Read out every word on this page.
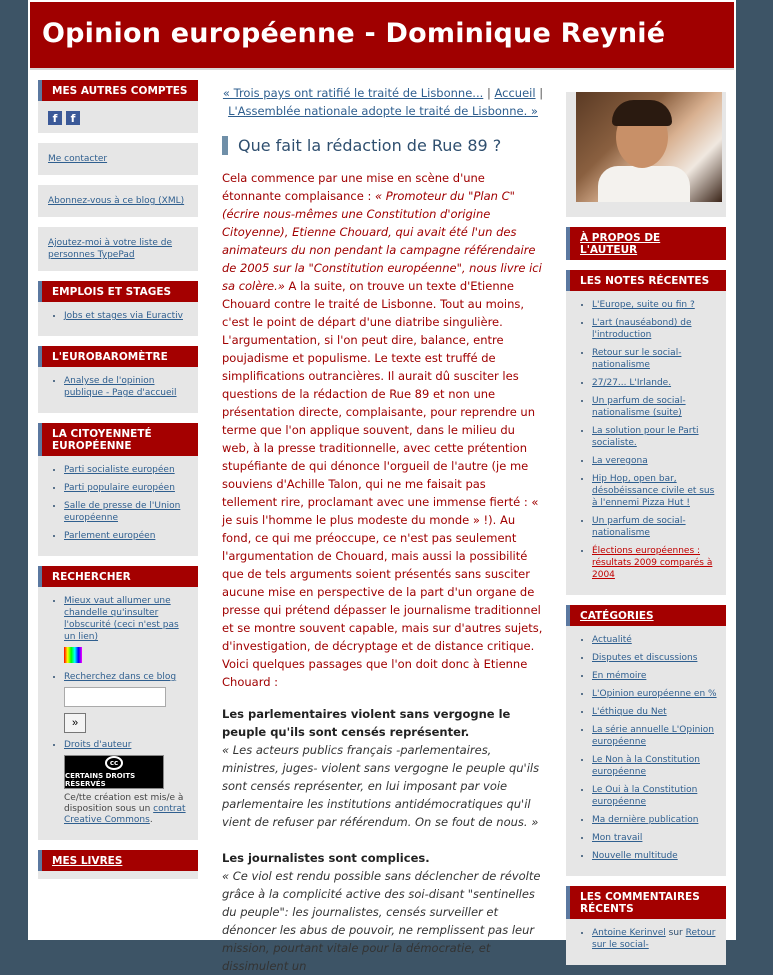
Opinion européenne - Dominique Reynié
MES AUTRES COMPTES
f	f
Me contacter
Abonnez-vous à ce blog (XML)
Ajoutez-moi à votre liste de personnes TypePad
EMPLOIS ET STAGES
• Jobs et stages via Euractiv
L'EUROBAROMÈTRE
• Analyse de l'opinion publique - Page d'accueil
LA CITOYENNETÉ EUROPÉENNE
• Parti socialiste européen
• Parti populaire européen
• Salle de presse de l'Union européenne
• Parlement européen
RECHERCHER
• Mieux vaut allumer une chandelle qu'insulter l'obscurité (ceci n'est pas un lien)
• Recherchez dans ce blog
»
• Droits d'auteur
cc
CERTAINS DROITS RÉSERVÉS
Ce/tte création est mis/e à disposition sous un contrat Creative Commons.
MES LIVRES
« Trois pays ont ratifié le traité de Lisbonne... | Accueil | L'Assemblée nationale adopte le traité de Lisbonne. »
Que fait la rédaction de Rue 89 ?
Cela commence par une mise en scène d'une étonnante complaisance : « Promoteur du "Plan C" (écrire nous-mêmes une Constitution d'origine Citoyenne), Etienne Chouard, qui avait été l'un des animateurs du non pendant la campagne référendaire de 2005 sur la "Constitution européenne", nous livre ici sa colère.» A la suite, on trouve un texte d'Etienne Chouard contre le traité de Lisbonne. Tout au moins, c'est le point de départ d'une diatribe singulière. L'argumentation, si l'on peut dire, balance, entre poujadisme et populisme. Le texte est truffé de simplifications outrancières. Il aurait dû susciter les questions de la rédaction de Rue 89 et non une présentation directe, complaisante, pour reprendre un terme que l'on applique souvent, dans le milieu du web, à la presse traditionnelle, avec cette prétention stupéfiante de qui dénonce l'orgueil de l'autre (je me souviens d'Achille Talon, qui ne me faisait pas tellement rire, proclamant avec une immense fierté : « je suis l'homme le plus modeste du monde » !). Au fond, ce qui me préoccupe, ce n'est pas seulement l'argumentation de Chouard, mais aussi la possibilité que de tels arguments soient présentés sans susciter aucune mise en perspective de la part d'un organe de presse qui prétend dépasser le journalisme traditionnel et se montre souvent capable, mais sur d'autres sujets, d'investigation, de décryptage et de distance critique. Voici quelques passages que l'on doit donc à Etienne Chouard :
Les parlementaires violent sans vergogne le peuple qu'ils sont censés représenter.
« Les acteurs publics français -parlementaires, ministres, juges- violent sans vergogne le peuple qu'ils sont censés représenter, en lui imposant par voie parlementaire les institutions antidémocratiques qu'il vient de refuser par référendum. On se fout de nous. »
Les journalistes sont complices.
« Ce viol est rendu possible sans déclencher de révolte grâce à la complicité active des soi-disant "sentinelles du peuple": les journalistes, censés surveiller et dénoncer les abus de pouvoir, ne remplissent pas leur mission, pourtant vitale pour la démocratie, et dissimulent un
À PROPOS DE L'AUTEUR
LES NOTES RÉCENTES
• L'Europe, suite ou fin ?
• L'art (nauséabond) de l'introduction
• Retour sur le social-nationalisme
• 27/27... L'Irlande.
• Un parfum de social-nationalisme (suite)
• La solution pour le Parti socialiste.
• La veregona
• Hip Hop, open bar, désobéissance civile et sus à l'ennemi Pizza Hut !
• Un parfum de social-nationalisme
• Élections européennes : résultats 2009 comparés à 2004
CATÉGORIES
• Actualité
• Disputes et discussions
• En mémoire
• L'Opinion européenne en %
• L'éthique du Net
• La série annuelle L'Opinion européenne
• Le Non à la Constitution européenne
• Le Oui à la Constitution européenne
• Ma dernière publication
• Mon travail
• Nouvelle multitude
LES COMMENTAIRES RÉCENTS
• Antoine Kerinvel sur Retour sur le social-
